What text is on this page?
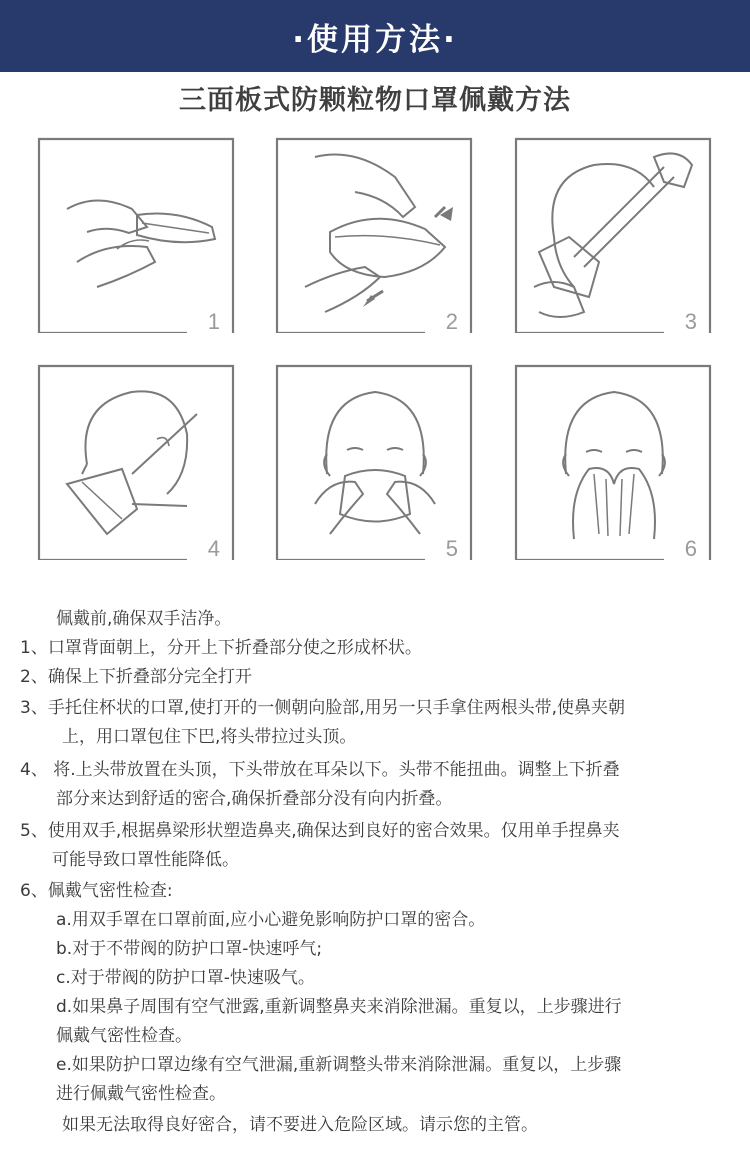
·使用方法·
三面板式防颗粒物口罩佩戴方法
1	2	3
4	5	6
佩戴前,确保双手洁净。
1、口罩背面朝上，分开上下折叠部分使之形成杯状。
2、确保上下折叠部分完全打开
3、手托住杯状的口罩,使打开的一侧朝向脸部,用另一只手拿住两根头带,使鼻夹朝
上，用口罩包住下巴,将头带拉过头顶。
4、 将.上头带放置在头顶，下头带放在耳朵以下。头带不能扭曲。调整上下折叠
部分来达到舒适的密合,确保折叠部分没有向内折叠。
5、使用双手,根据鼻梁形状塑造鼻夹,确保达到良好的密合效果。仅用单手捏鼻夹
可能导致口罩性能降低。
6、佩戴气密性检查:
a.用双手罩在口罩前面,应小心避免影响防护口罩的密合。
b.对于不带阀的防护口罩-快速呼气;
c.对于带阀的防护口罩-快速吸气。
d.如果鼻子周围有空气泄露,重新调整鼻夹来消除泄漏。重复以，上步骤进行
佩戴气密性检查。
e.如果防护口罩边缘有空气泄漏,重新调整头带来消除泄漏。重复以，上步骤
进行佩戴气密性检查。
如果无法取得良好密合，请不要进入危险区域。请示您的主管。
